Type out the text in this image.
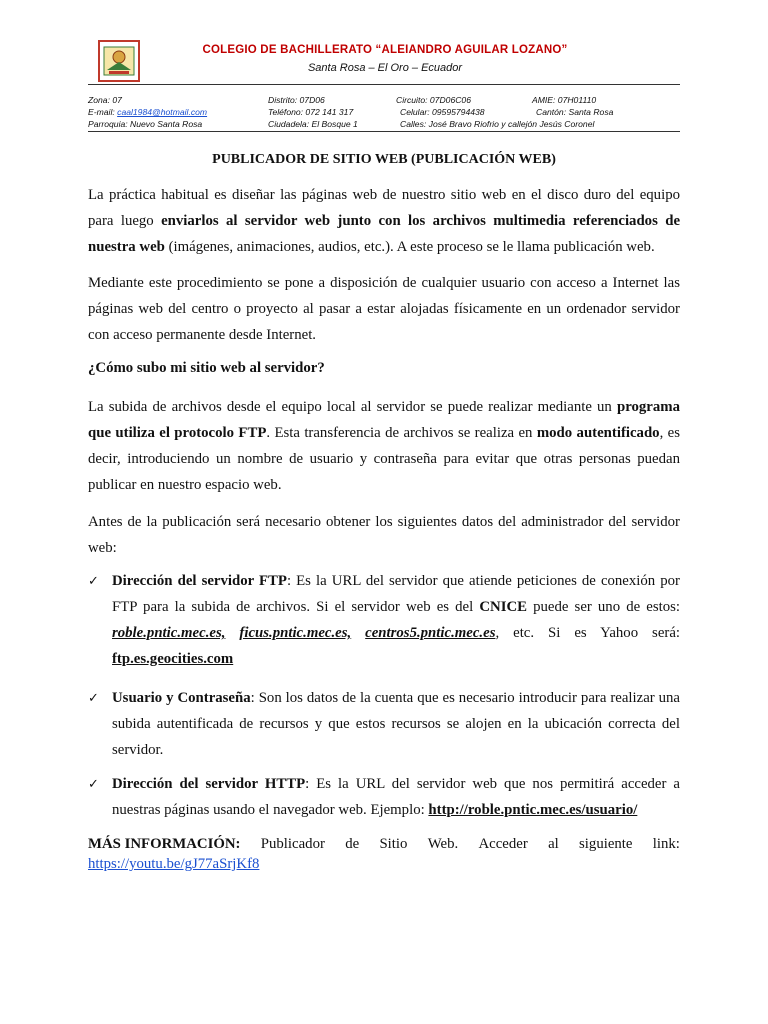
COLEGIO DE BACHILLERATO “ALEIANDRO AGUILAR LOZANO”
Santa Rosa – El Oro – Ecuador
Zona: 07	Distrito: 07D06	Circuito: 07D06C06	AMIE: 07H01110
E-mail: caal1984@hotmail.com	Teléfono: 072 141 317	Celular: 09595794438	Cantón: Santa Rosa
Parroquia: Nuevo Santa Rosa	Ciudadela: El Bosque 1	Calles: José Bravo Riofrio y callejón Jesús Coronel
PUBLICADOR DE SITIO WEB (PUBLICACIÓN WEB)
La práctica habitual es diseñar las páginas web de nuestro sitio web en el disco duro del equipo para luego enviarlos al servidor web junto con los archivos multimedia referenciados de nuestra web (imágenes, animaciones, audios, etc.). A este proceso se le llama publicación web.
Mediante este procedimiento se pone a disposición de cualquier usuario con acceso a Internet las páginas web del centro o proyecto al pasar a estar alojadas físicamente en un ordenador servidor con acceso permanente desde Internet.
¿Cómo subo mi sitio web al servidor?
La subida de archivos desde el equipo local al servidor se puede realizar mediante un programa que utiliza el protocolo FTP. Esta transferencia de archivos se realiza en modo autentificado, es decir, introduciendo un nombre de usuario y contraseña para evitar que otras personas puedan publicar en nuestro espacio web.
Antes de la publicación será necesario obtener los siguientes datos del administrador del servidor web:
✓ Dirección del servidor FTP: Es la URL del servidor que atiende peticiones de conexión por FTP para la subida de archivos. Si el servidor web es del CNICE puede ser uno de estos: roble.pntic.mec.es, ficus.pntic.mec.es, centros5.pntic.mec.es, etc. Si es Yahoo será: ftp.es.geocities.com
✓ Usuario y Contraseña: Son los datos de la cuenta que es necesario introducir para realizar una subida autentificada de recursos y que estos recursos se alojen en la ubicación correcta del servidor.
✓ Dirección del servidor HTTP: Es la URL del servidor web que nos permitirá acceder a nuestras páginas usando el navegador web. Ejemplo: http://roble.pntic.mec.es/usuario/
MÁS INFORMACIÓN: Publicador de Sitio Web. Acceder al siguiente link:
https://youtu.be/gJ77aSrjKf8
